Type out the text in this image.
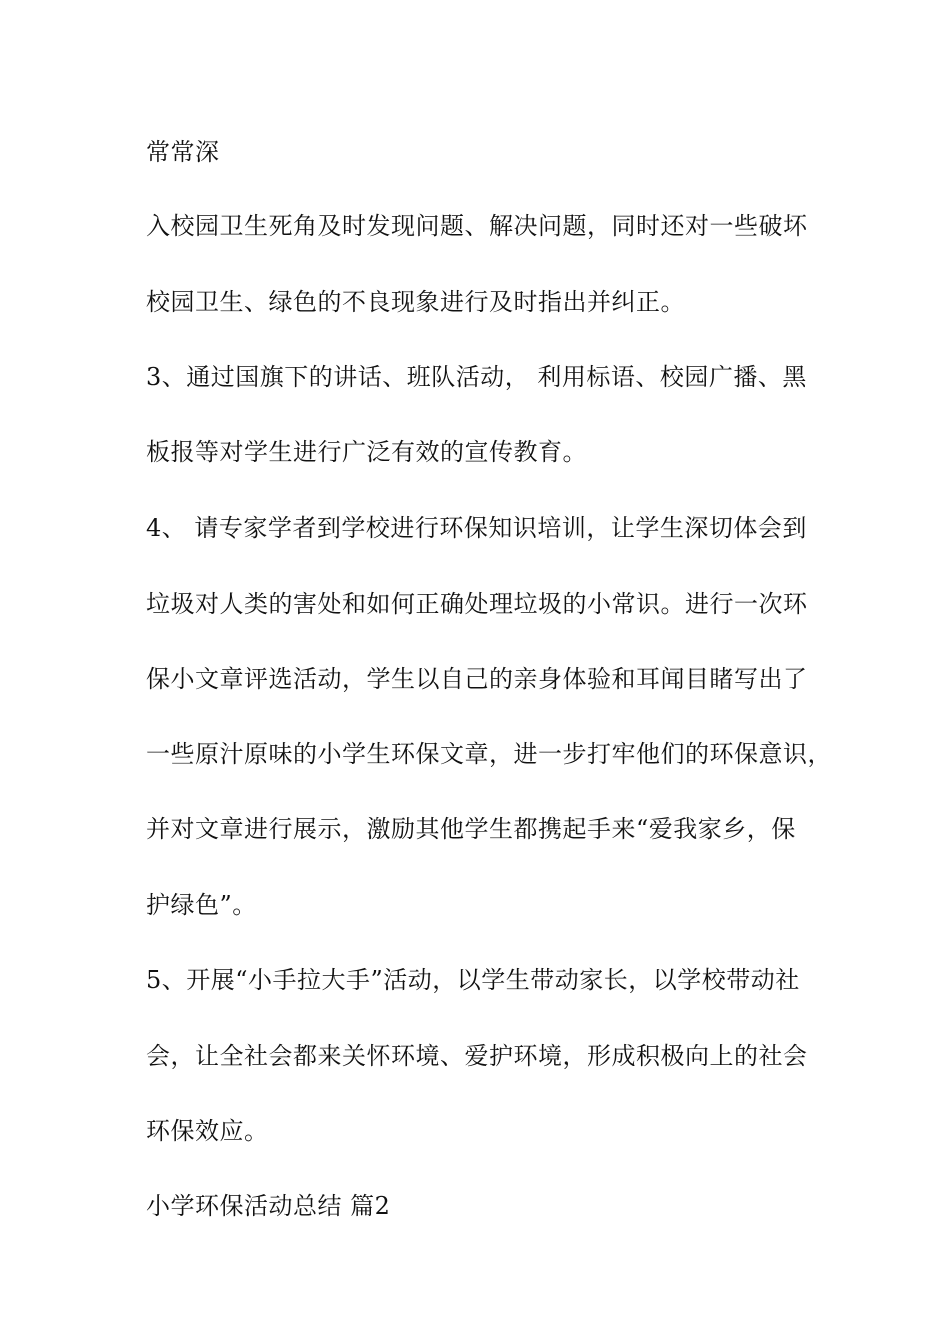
常常深
入校园卫生死角及时发现问题、解决问题，同时还对一些破坏
校园卫生、绿色的不良现象进行及时指出并纠正。
3、通过国旗下的讲话、班队活动， 利用标语、校园广播、黑
板报等对学生进行广泛有效的宣传教育。
4、 请专家学者到学校进行环保知识培训，让学生深切体会到
垃圾对人类的害处和如何正确处理垃圾的小常识。进行一次环
保小文章评选活动，学生以自己的亲身体验和耳闻目睹写出了
一些原汁原味的小学生环保文章，进一步打牢他们的环保意识，
并对文章进行展示，激励其他学生都携起手来“爱我家乡，保
护绿色”。
5、开展“小手拉大手”活动，以学生带动家长，以学校带动社
会，让全社会都来关怀环境、爱护环境，形成积极向上的社会
环保效应。
小学环保活动总结 篇2
